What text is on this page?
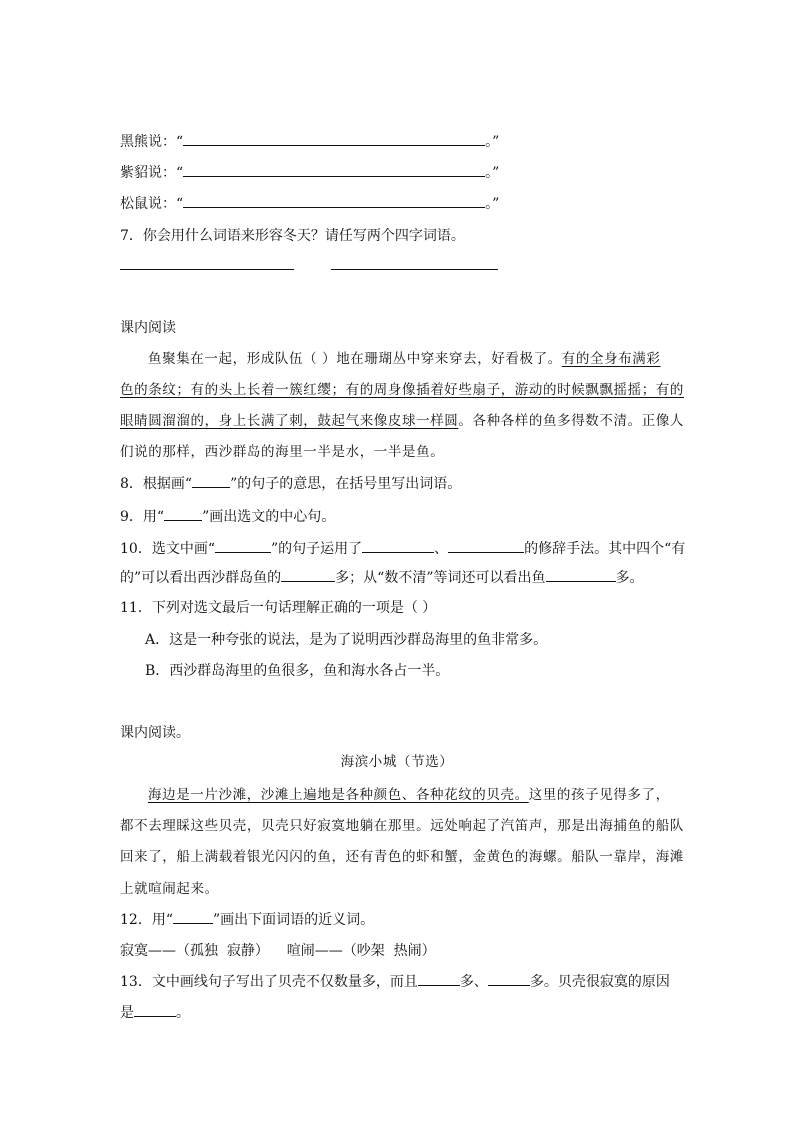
黑熊说：“	。”
紫貂说：“	。”
松鼠说：“	。”
7．你会用什么词语来形容冬天？请任写两个四字词语。
课内阅读
鱼聚集在一起，形成队伍（ ）地在珊瑚丛中穿来穿去，好看极了。有的全身布满彩
色的条纹；有的头上长着一簇红缨；有的周身像插着好些扇子，游动的时候飘飘摇摇；有的
眼睛圆溜溜的，身上长满了刺，鼓起气来像皮球一样圆。各种各样的鱼多得数不清。正像人
们说的那样，西沙群岛的海里一半是水，一半是鱼。
8．根据画“	”的句子的意思，在括号里写出词语。
9．用“	”画出选文的中心句。
10．选文中画“	”的句子运用了	、	的修辞手法。其中四个“有
的”可以看出西沙群岛鱼的	多；从“数不清”等词还可以看出鱼	多。
11．下列对选文最后一句话理解正确的一项是（ ）
A．这是一种夸张的说法，是为了说明西沙群岛海里的鱼非常多。
B．西沙群岛海里的鱼很多，鱼和海水各占一半。
课内阅读。
海滨小城（节选）
海边是一片沙滩，沙滩上遍地是各种颜色、各种花纹的贝壳。这里的孩子见得多了，
都不去理睬这些贝壳，贝壳只好寂寞地躺在那里。远处响起了汽笛声，那是出海捕鱼的船队
回来了，船上满载着银光闪闪的鱼，还有青色的虾和蟹，金黄色的海螺。船队一靠岸，海滩
上就喧闹起来。
12．用“	”画出下面词语的近义词。
寂寞——（孤独  寂静）    喧闹——（吵架  热闹）
13．文中画线句子写出了贝壳不仅数量多，而且	多、	多。贝壳很寂寞的原因
是	。
